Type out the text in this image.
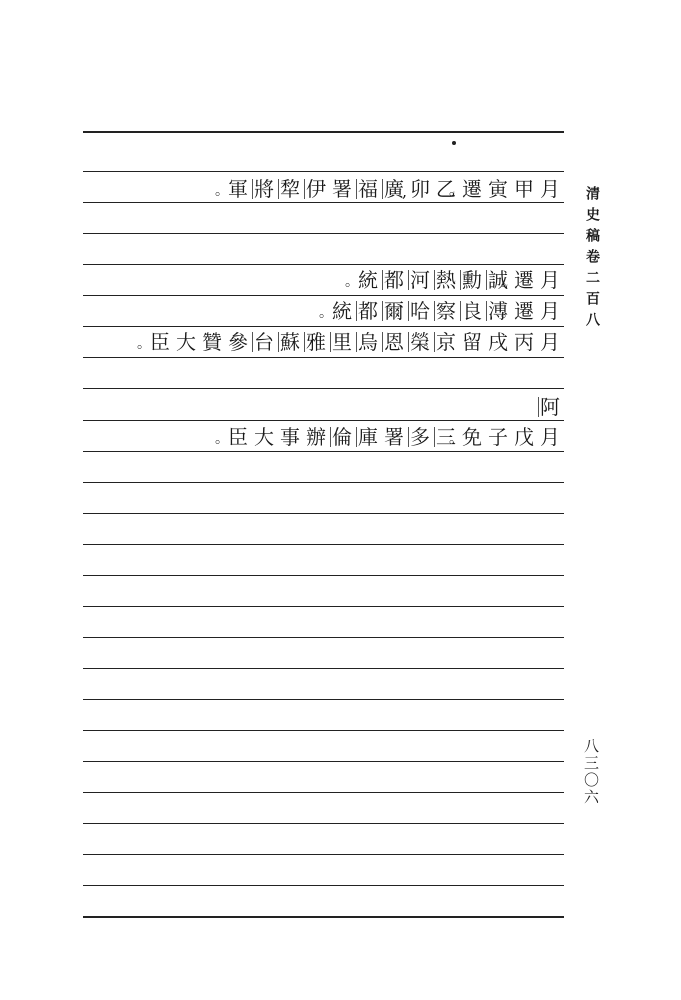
月
甲
寅
遷 。
乙
卯 ,
廣
福
署
伊
犂
將
軍 。
月
遷 。
誠
勳
熱
河
都
統 。
月
遷 。
溥
良
察
哈
爾
都
統 。
月
丙
戌
留
京 。
榮
恩
烏
里
雅
蘇
台
參
贊
大
臣 。
阿
月
戊
子
免 。
三
多
署
庫
倫
辦
事
大
臣 。
清史稿卷二百八
八三〇六
